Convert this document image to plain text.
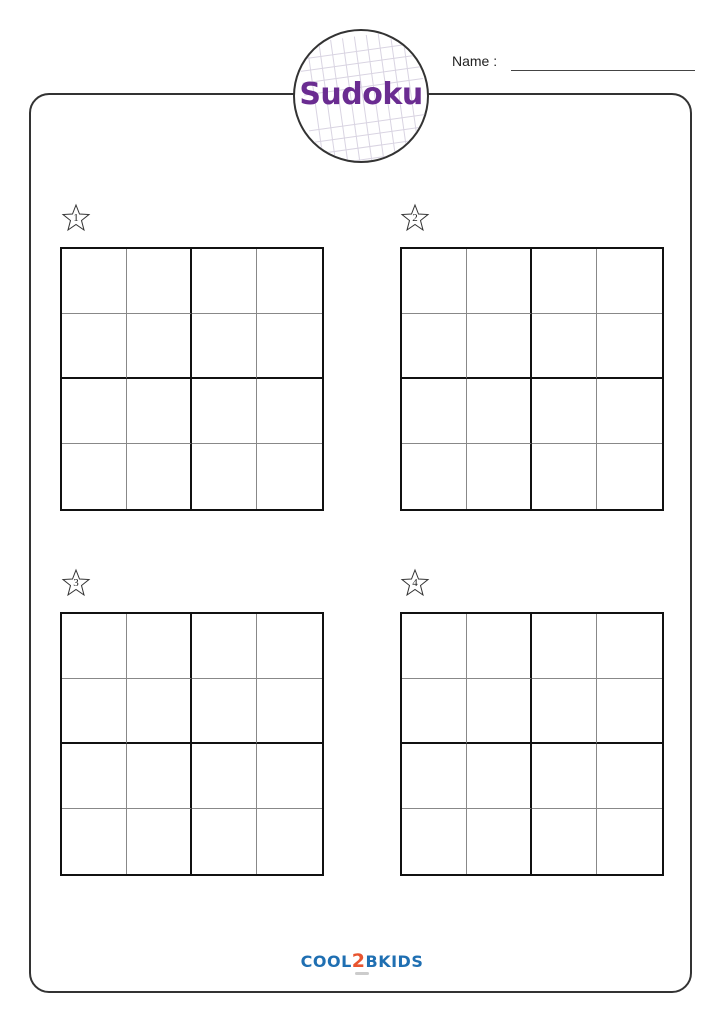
Sudoku
Name :
1	2
3	4
COOL2BKIDS
